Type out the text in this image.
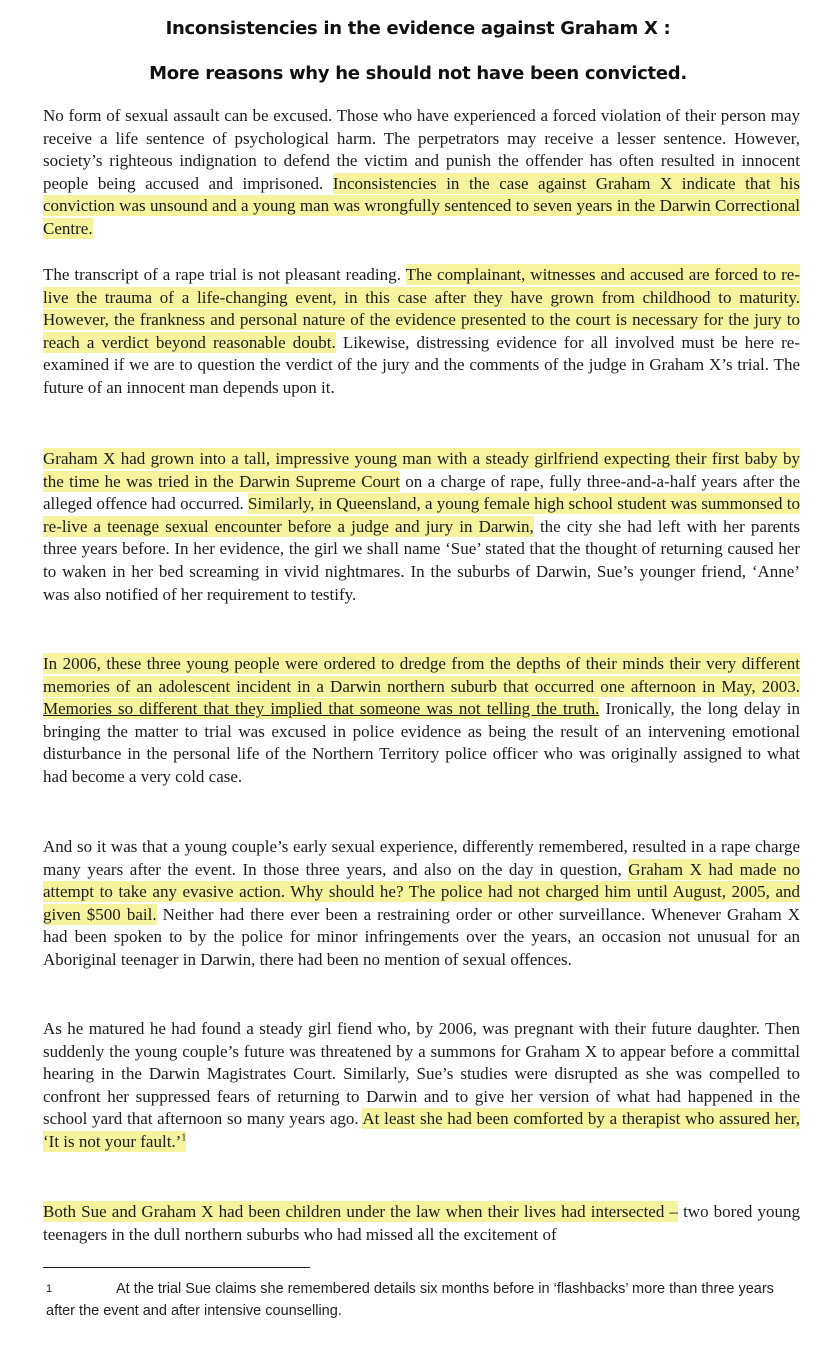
Inconsistencies in the evidence against Graham X :
More reasons why he should not have been convicted.

No form of sexual assault can be excused. Those who have experienced a forced violation of their person may receive a life sentence of psychological harm. The perpetrators may receive a lesser sentence. However, society’s righteous indignation to defend the victim and punish the offender has often resulted in innocent people being accused and imprisoned. Inconsistencies in the case against Graham X indicate that his conviction was unsound and a young man was wrongfully sentenced to seven years in the Darwin Correctional Centre.

The transcript of a rape trial is not pleasant reading. The complainant, witnesses and accused are forced to re-live the trauma of a life-changing event, in this case after they have grown from childhood to maturity. However, the frankness and personal nature of the evidence presented to the court is necessary for the jury to reach a verdict beyond reasonable doubt. Likewise, distressing evidence for all involved must be here re-examined if we are to question the verdict of the jury and the comments of the judge in Graham X’s trial. The future of an innocent man depends upon it.

Graham X had grown into a tall, impressive young man with a steady girlfriend expecting their first baby by the time he was tried in the Darwin Supreme Court on a charge of rape, fully three-and-a-half years after the alleged offence had occurred. Similarly, in Queensland, a young female high school student was summonsed to re-live a teenage sexual encounter before a judge and jury in Darwin, the city she had left with her parents three years before. In her evidence, the girl we shall name ‘Sue’ stated that the thought of returning caused her to waken in her bed screaming in vivid nightmares. In the suburbs of Darwin, Sue’s younger friend, ‘Anne’ was also notified of her requirement to testify.

In 2006, these three young people were ordered to dredge from the depths of their minds their very different memories of an adolescent incident in a Darwin northern suburb that occurred one afternoon in May, 2003. Memories so different that they implied that someone was not telling the truth. Ironically, the long delay in bringing the matter to trial was excused in police evidence as being the result of an intervening emotional disturbance in the personal life of the Northern Territory police officer who was originally assigned to what had become a very cold case.

And so it was that a young couple’s early sexual experience, differently remembered, resulted in a rape charge many years after the event. In those three years, and also on the day in question, Graham X had made no attempt to take any evasive action. Why should he? The police had not charged him until August, 2005, and given $500 bail. Neither had there ever been a restraining order or other surveillance. Whenever Graham X had been spoken to by the police for minor infringements over the years, an occasion not unusual for an Aboriginal teenager in Darwin, there had been no mention of sexual offences.

As he matured he had found a steady girl fiend who, by 2006, was pregnant with their future daughter. Then suddenly the young couple’s future was threatened by a summons for Graham X to appear before a committal hearing in the Darwin Magistrates Court. Similarly, Sue’s studies were disrupted as she was compelled to confront her suppressed fears of returning to Darwin and to give her version of what had happened in the school yard that afternoon so many years ago. At least she had been comforted by a therapist who assured her, ‘It is not your fault.’$^1$

Both Sue and Graham X had been children under the law when their lives had intersected – two bored young teenagers in the dull northern suburbs who had missed all the excitement of

1	At the trial Sue claims she remembered details six months before in ‘flashbacks’ more than three years after the event and after intensive counselling.
